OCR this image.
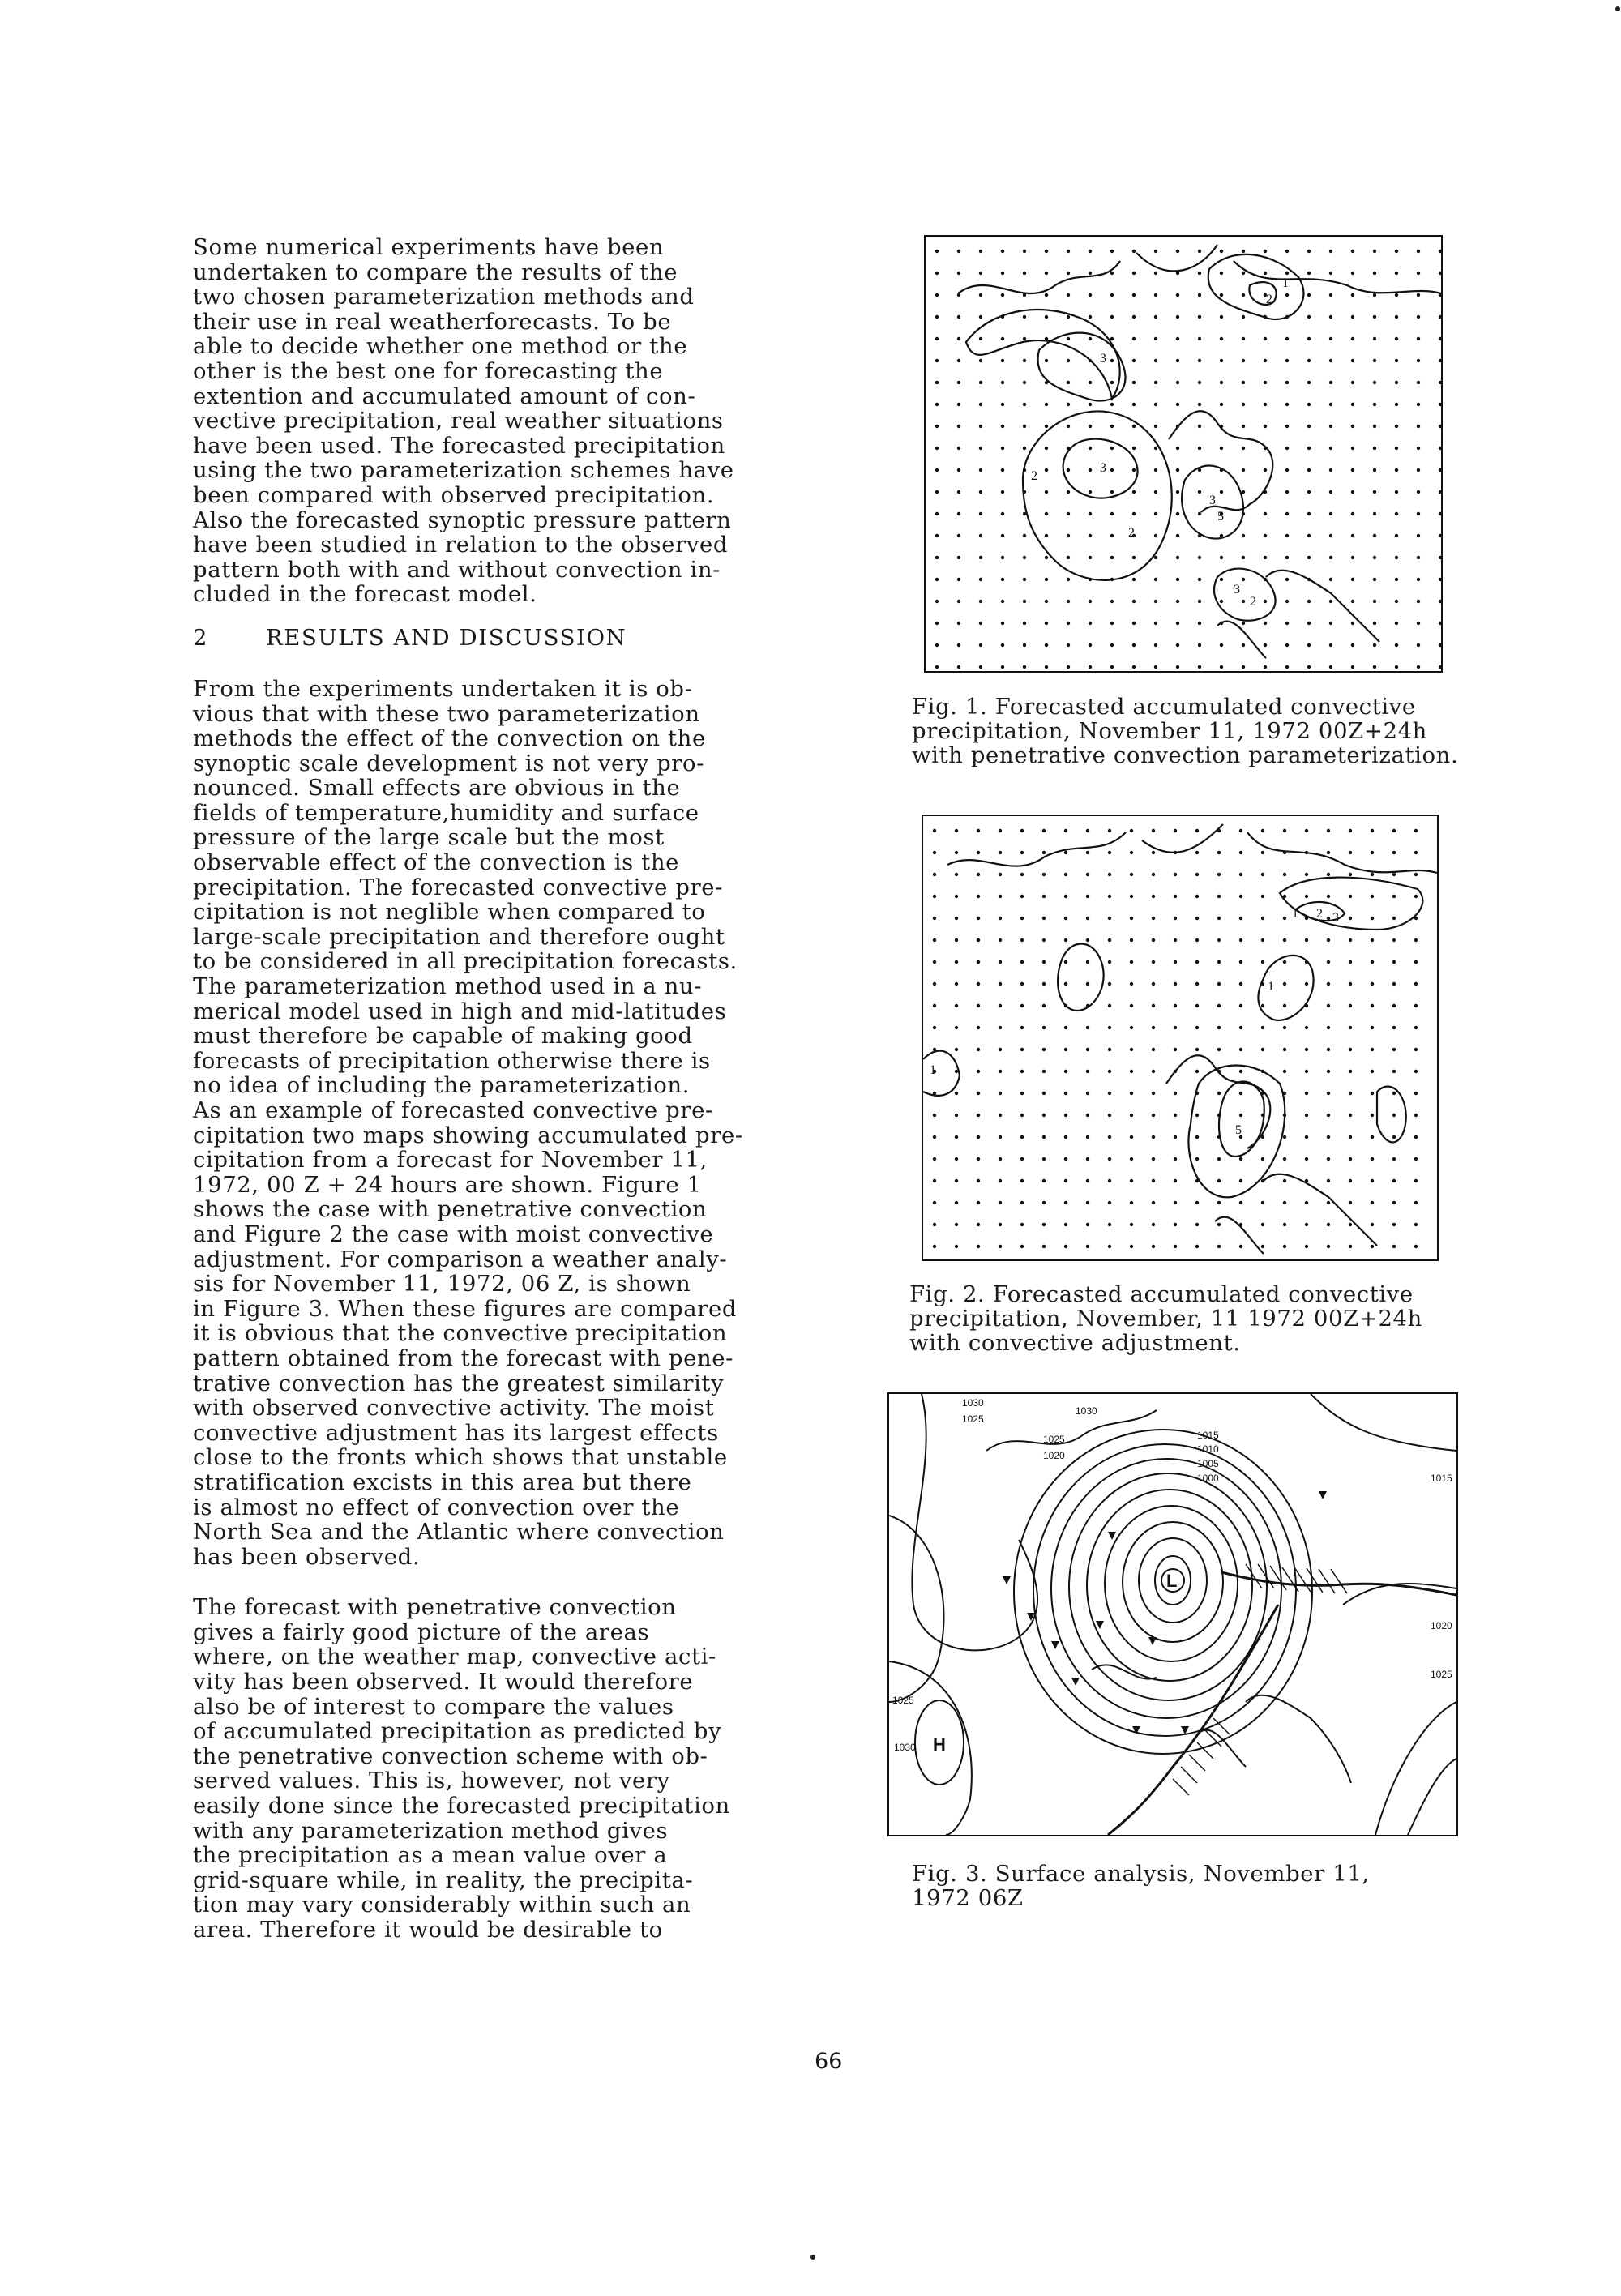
Some numerical experiments have been
undertaken to compare the results of the
two chosen parameterization methods and
their use in real weatherforecasts. To be
able to decide whether one method or the
other is the best one for forecasting the
extention and accumulated amount of con-
vective precipitation, real weather situations
have been used. The forecasted precipitation
using the two parameterization schemes have
been compared with observed precipitation.
Also the forecasted synoptic pressure pattern
have been studied in relation to the observed
pattern both with and without convection in-
cluded in the forecast model.

2	RESULTS AND DISCUSSION

From the experiments undertaken it is ob-
vious that with these two parameterization
methods the effect of the convection on the
synoptic scale development is not very pro-
nounced. Small effects are obvious in the
fields of temperature,humidity and surface
pressure of the large scale but the most
observable effect of the convection is the
precipitation. The forecasted convective pre-
cipitation is not neglible when compared to
large-scale precipitation and therefore ought
to be considered in all precipitation forecasts.
The parameterization method used in a nu-
merical model used in high and mid-latitudes
must therefore be capable of making good
forecasts of precipitation otherwise there is
no idea of including the parameterization.
As an example of forecasted convective pre-
cipitation two maps showing accumulated pre-
cipitation from a forecast for November 11,
1972, 00 Z + 24 hours are shown. Figure 1
shows the case with penetrative convection
and Figure 2 the case with moist convective
adjustment. For comparison a weather analy-
sis for November 11, 1972, 06 Z, is shown
in Figure 3. When these figures are compared
it is obvious that the convective precipitation
pattern obtained from the forecast with pene-
trative convection has the greatest similarity
with observed convective activity. The moist
convective adjustment has its largest effects
close to the fronts which shows that unstable
stratification excists in this area but there
is almost no effect of convection over the
North Sea and the Atlantic where convection
has been observed.

The forecast with penetrative convection
gives a fairly good picture of the areas
where, on the weather map, convective acti-
vity has been observed. It would therefore
also be of interest to compare the values
of accumulated precipitation as predicted by
the penetrative convection scheme with ob-
served values. This is, however, not very
easily done since the forecasted precipitation
with any parameterization method gives
the precipitation as a mean value over a
grid-square while, in reality, the precipita-
tion may vary considerably within such an
area. Therefore it would be desirable to

3
3
2
2
1
3
5
3
2
2
Fig. 1. Forecasted accumulated convective
precipitation, November 11, 1972 00Z+24h
with penetrative convection parameterization.
1 2 3
5
1
1
Fig. 2. Forecasted accumulated convective
precipitation, November, 11 1972 00Z+24h
with convective adjustment.
1030
1025
1030
1025
1020
1015
1010
1005
1000	1015
1020
1025
1025
1030
L
H
Fig. 3. Surface analysis, November 11,
1972 06Z
66
